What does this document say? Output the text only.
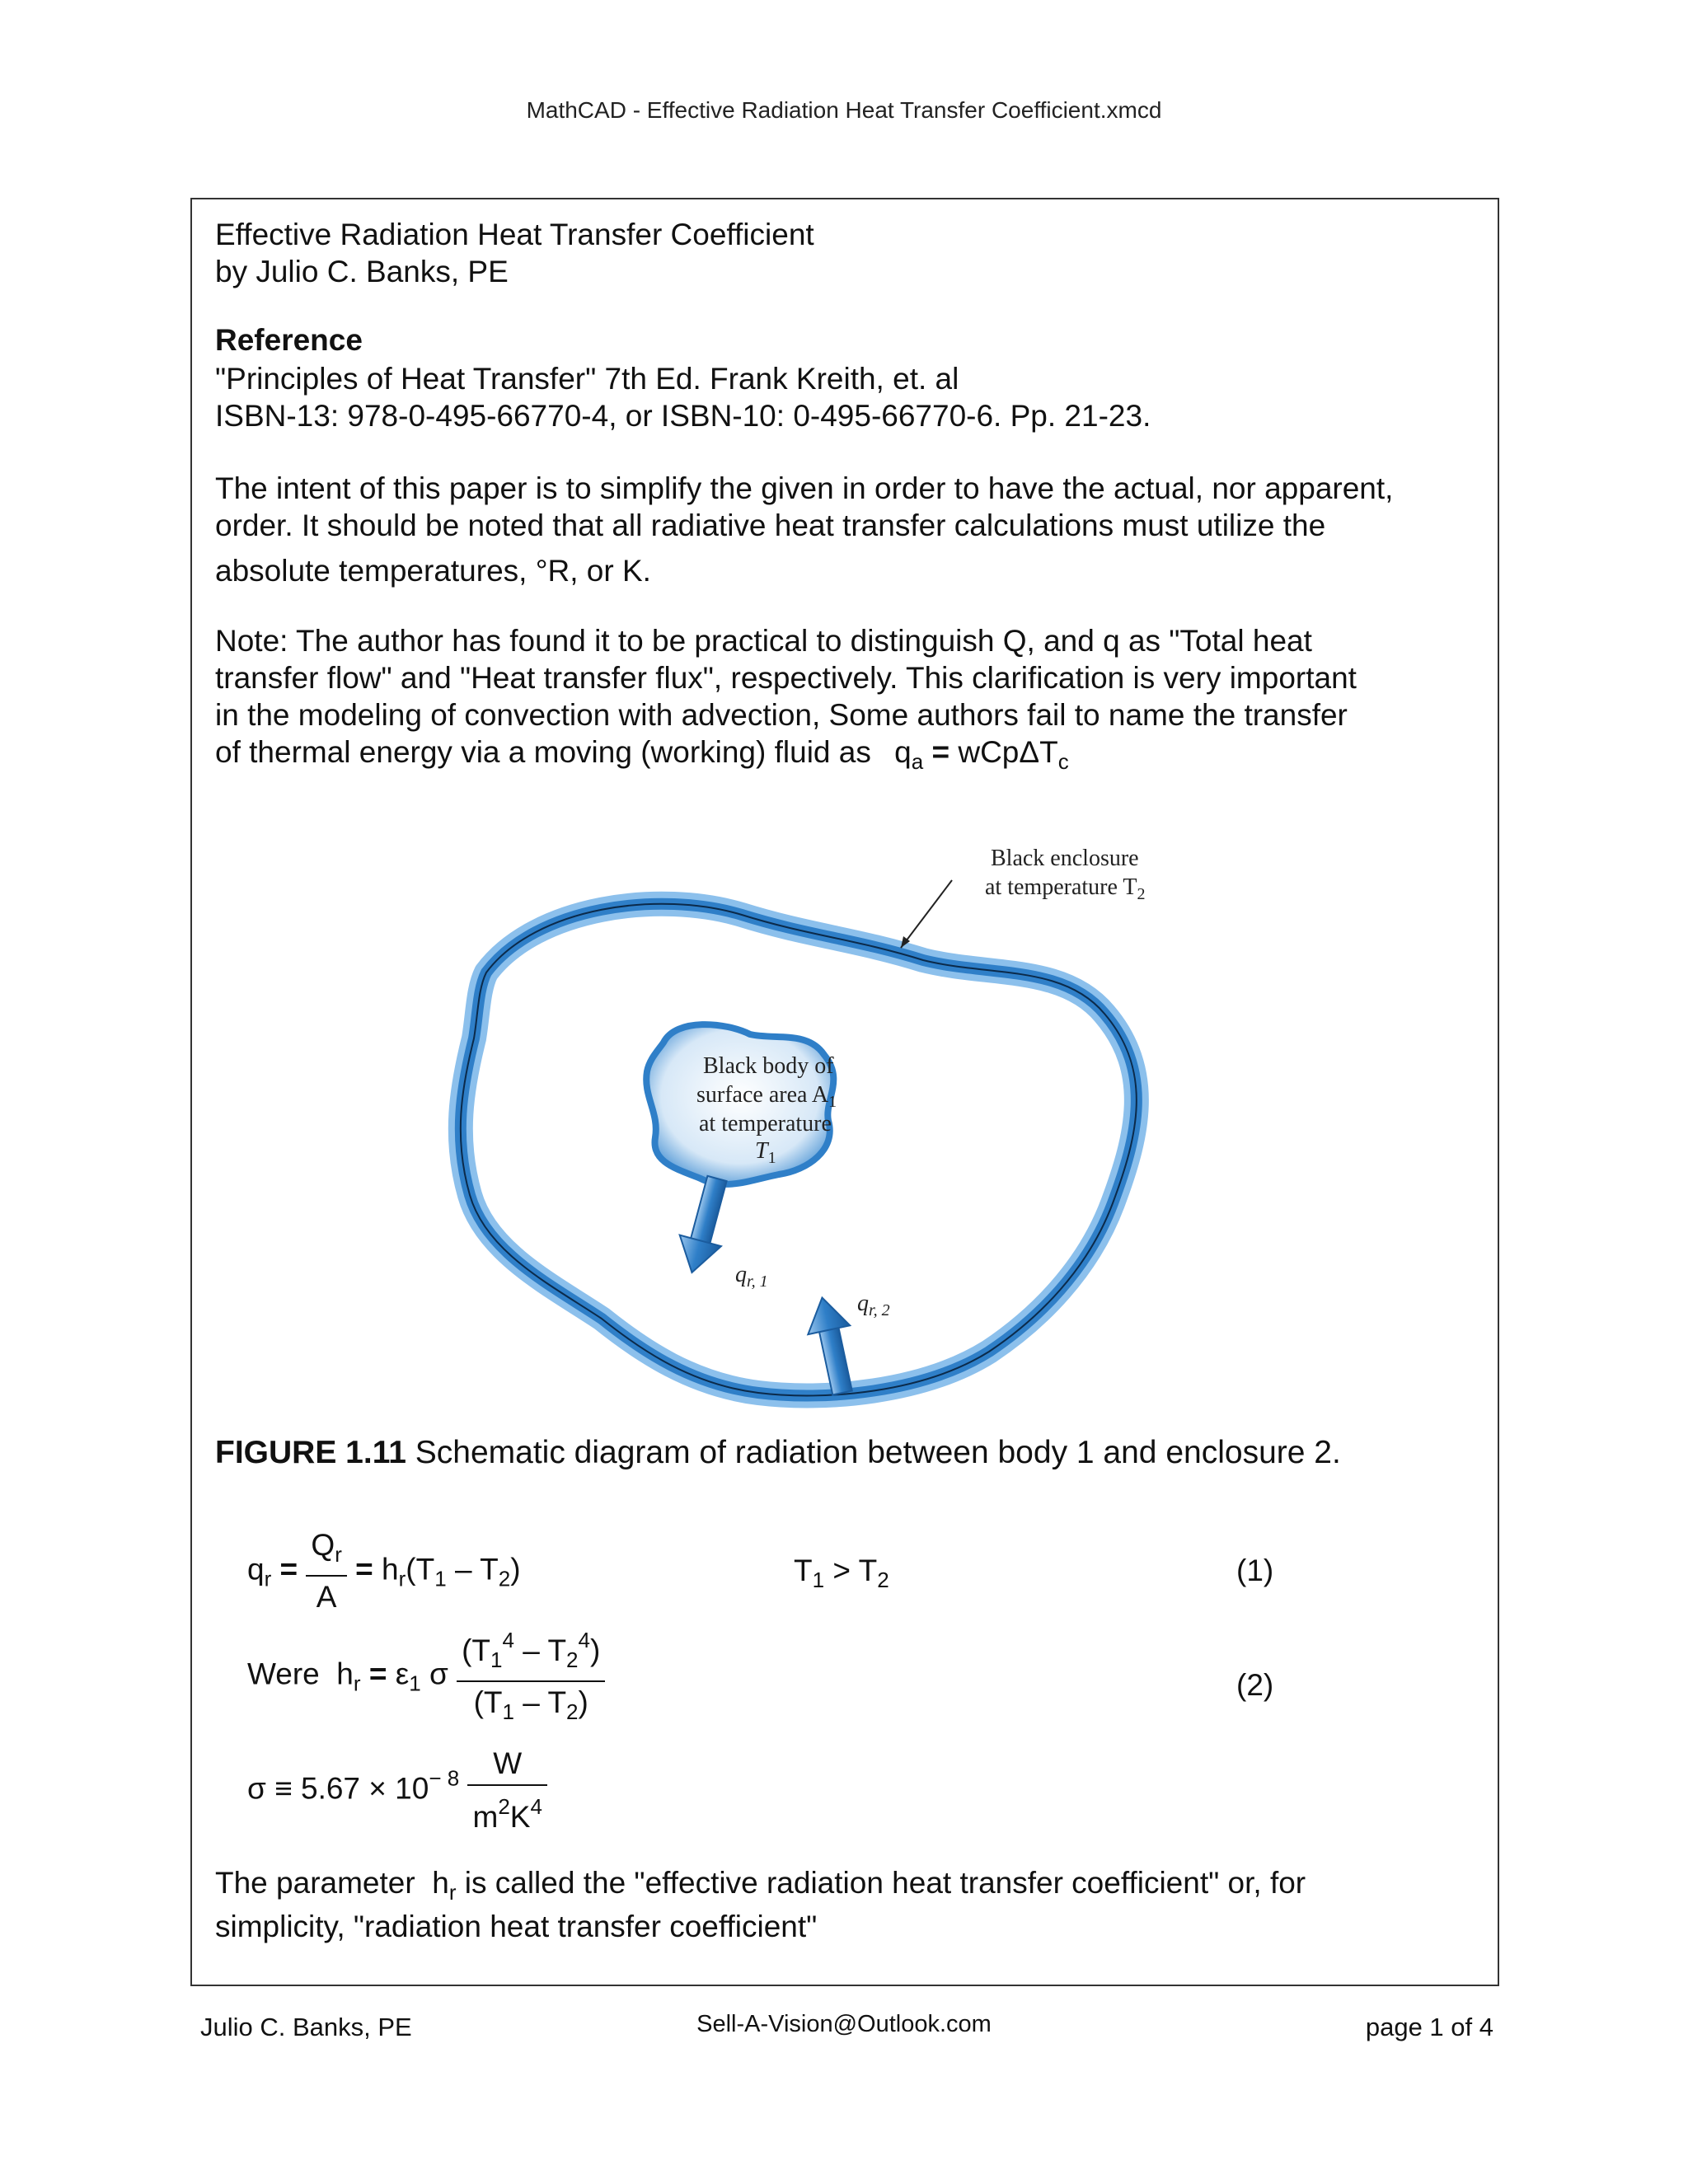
MathCAD - Effective Radiation Heat Transfer Coefficient.xmcd
Effective Radiation Heat Transfer Coefficient
by Julio C. Banks, PE
Reference
"Principles of Heat Transfer" 7th Ed. Frank Kreith, et. al
ISBN-13: 978-0-495-66770-4, or ISBN-10: 0-495-66770-6. Pp. 21-23.
The intent of this paper is to simplify the given in order to have the actual, nor apparent,
order. It should be noted that all radiative heat transfer calculations must utilize the
absolute temperatures, °R, or K.
Note: The author has found it to be practical to distinguish Q, and q as "Total heat
transfer flow" and "Heat transfer flux", respectively. This clarification is very important
in the modeling of convection with advection, Some authors fail to name the transfer
of thermal energy via a moving (working) fluid as $q_a = wCp\Delta T_c$
Black enclosure
at temperature $T_2$
Black body of
surface area $A_1$
at temperature
$T_1$
$q_{r, 1}$
$q_{r, 2}$
FIGURE 1.11 Schematic diagram of radiation between body 1 and enclosure 2.
$q_r = \frac{Q_r}{A} = h_r(T_1 - T_2)$	$T_1 > T_2$	(1)
Were $h_r = \varepsilon_1$ σ $\frac{(T_1^4 - T_2^4)}{(T_1 - T_2)}$	(2)
$\sigma \equiv 5.67 \times 10^{- 8} \frac{W}{m^2K^4}$
The parameter $h_r$ is called the "effective radiation heat transfer coefficient" or, for
simplicity, "radiation heat transfer coefficient"
Julio C. Banks, PE	Sell-A-Vision@Outlook.com	page 1 of 4
